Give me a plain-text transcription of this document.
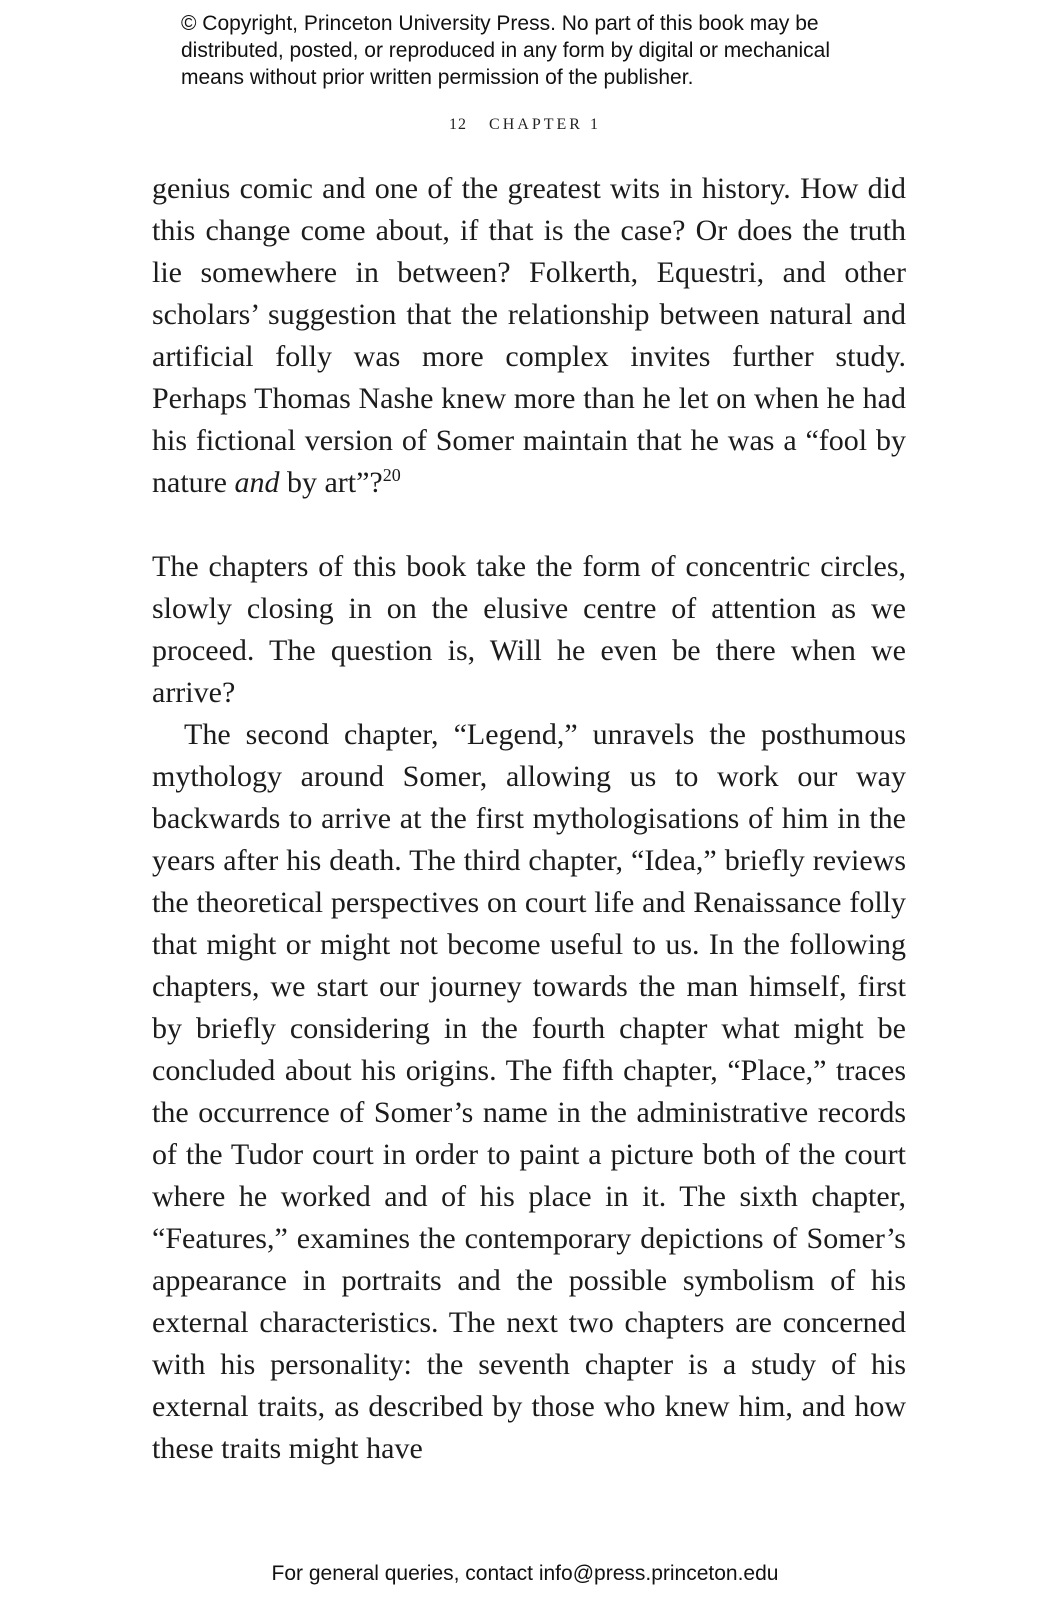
© Copyright, Princeton University Press. No part of this book may be
distributed, posted, or reproduced in any form by digital or mechanical
means without prior written permission of the publisher.
12 CHAPTER 1

genius comic and one of the greatest wits in history. How did this change come about, if that is the case? Or does the truth lie somewhere in between? Folkerth, Equestri, and other scholars’ suggestion that the relationship between natural and artificial folly was more complex invites further study. Perhaps Thomas Nashe knew more than he let on when he had his fictional version of Somer maintain that he was a “fool by nature and by art”?$^{20}$

The chapters of this book take the form of concentric circles, slowly closing in on the elusive centre of attention as we proceed. The question is, Will he even be there when we arrive?

The second chapter, “Legend,” unravels the posthumous mythology around Somer, allowing us to work our way backwards to arrive at the first mythologisations of him in the years after his death. The third chapter, “Idea,” briefly reviews the theoretical perspectives on court life and Renaissance folly that might or might not become useful to us. In the following chapters, we start our journey towards the man himself, first by briefly considering in the fourth chapter what might be concluded about his origins. The fifth chapter, “Place,” traces the occurrence of Somer’s name in the administrative records of the Tudor court in order to paint a picture both of the court where he worked and of his place in it. The sixth chapter, “Features,” examines the contemporary depictions of Somer’s appearance in portraits and the possible symbolism of his external characteristics. The next two chapters are concerned with his personality: the seventh chapter is a study of his external traits, as described by those who knew him, and how these traits might have

For general queries, contact info@press.princeton.edu
